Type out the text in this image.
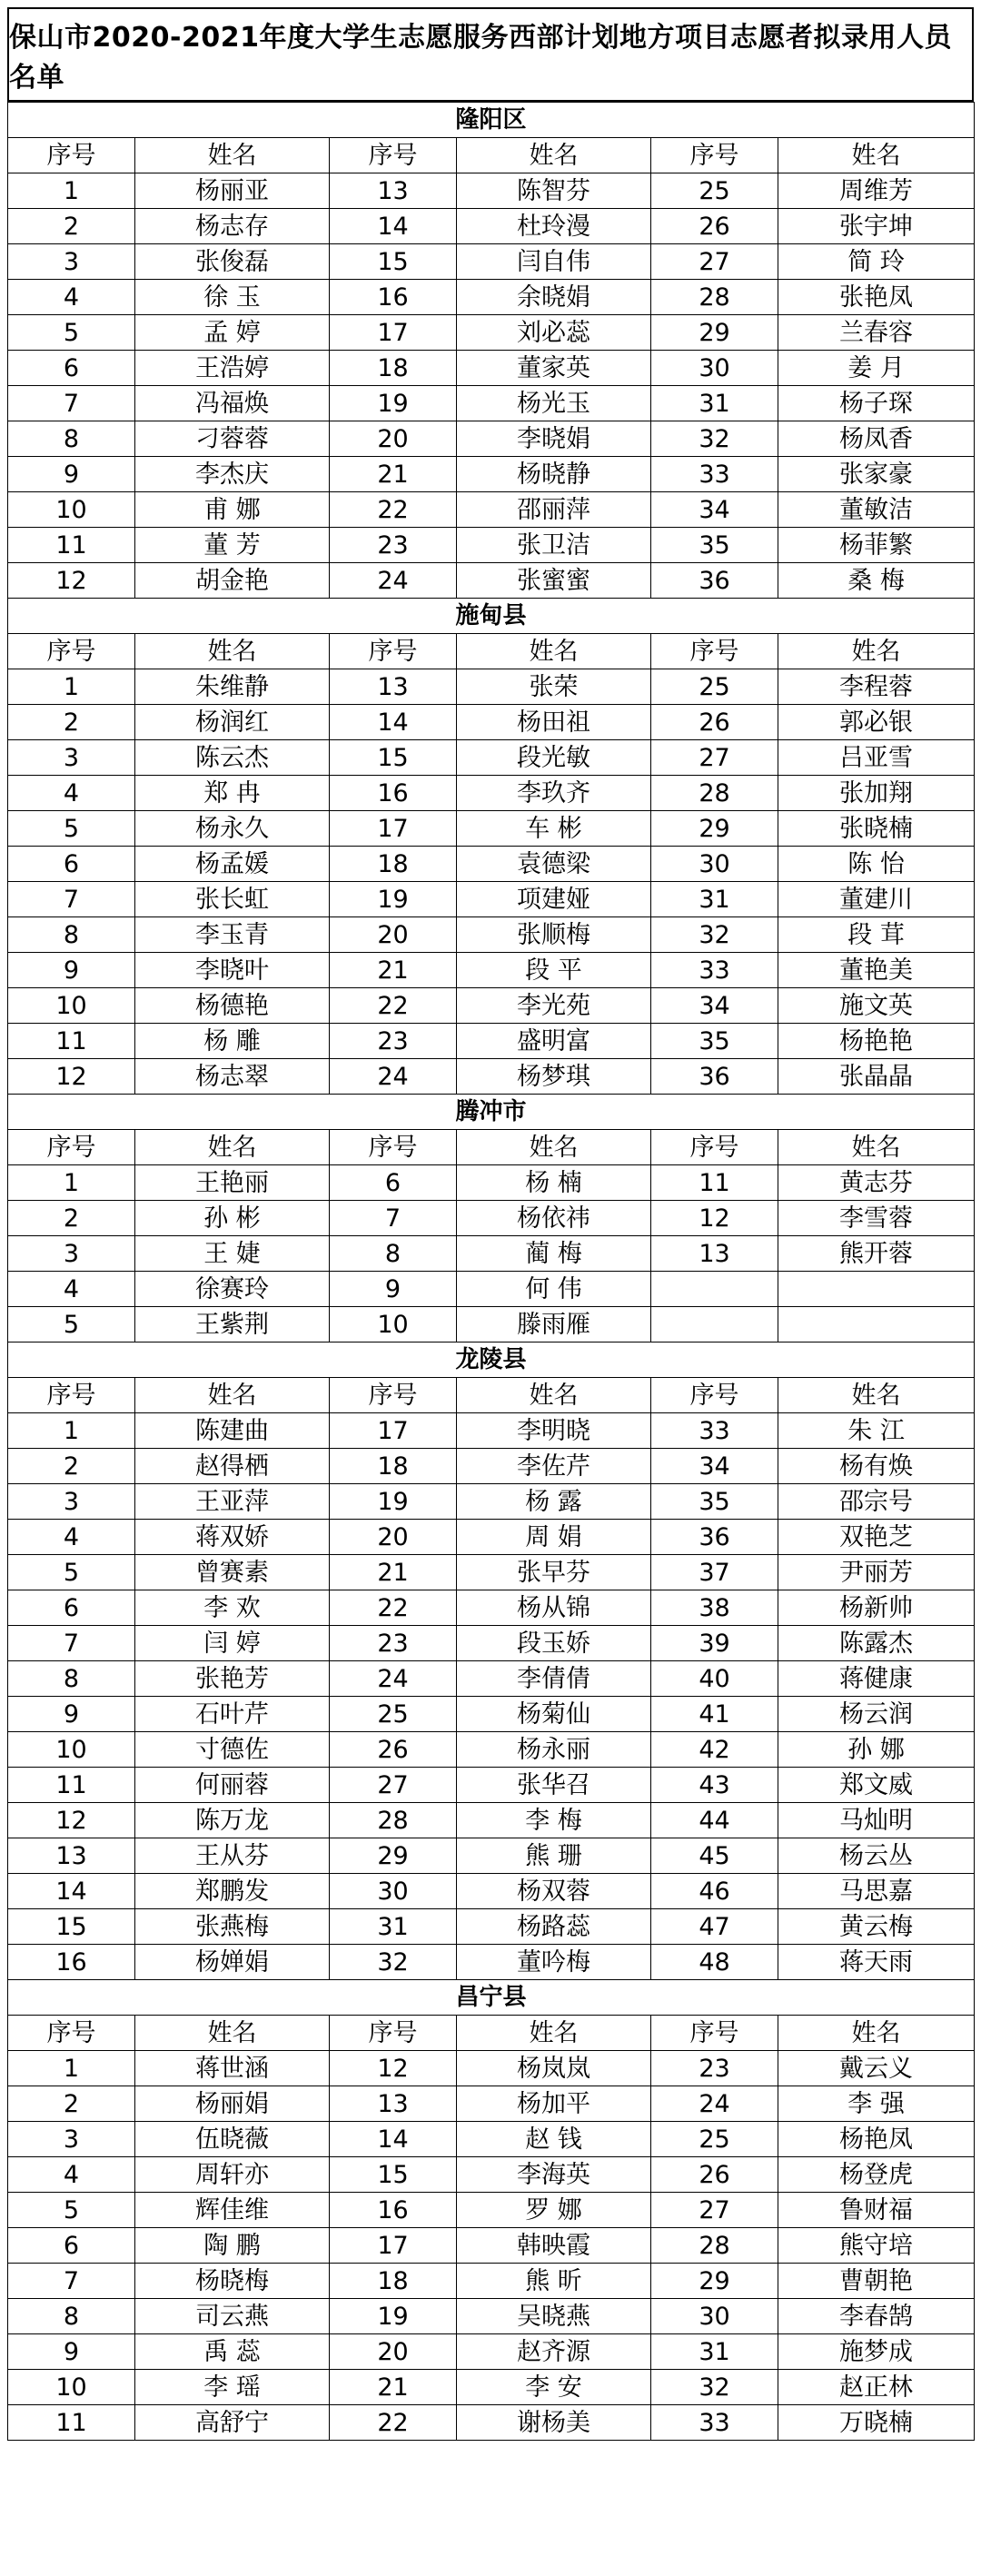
保山市2020-2021年度大学生志愿服务西部计划地方项目志愿者拟录用人员名单
隆阳区					
序号	姓名	序号	姓名	序号	姓名
1	杨丽亚	13	陈智芬	25	周维芳
2	杨志存	14	杜玲漫	26	张宇坤
3	张俊磊	15	闫自伟	27	简 玲
4	徐 玉	16	余晓娟	28	张艳凤
5	孟 婷	17	刘必蕊	29	兰春容
6	王浩婷	18	董家英	30	姜 月
7	冯福焕	19	杨光玉	31	杨子琛
8	刁蓉蓉	20	李晓娟	32	杨凤香
9	李杰庆	21	杨晓静	33	张家豪
10	甫 娜	22	邵丽萍	34	董敏洁
11	董 芳	23	张卫洁	35	杨菲繁
12	胡金艳	24	张蜜蜜	36	桑 梅
施甸县					
序号	姓名	序号	姓名	序号	姓名
1	朱维静	13	张荣	25	李程蓉
2	杨润红	14	杨田祖	26	郭必银
3	陈云杰	15	段光敏	27	吕亚雪
4	郑 冉	16	李玖齐	28	张加翔
5	杨永久	17	车 彬	29	张晓楠
6	杨孟媛	18	袁德梁	30	陈 怡
7	张长虹	19	项建娅	31	董建川
8	李玉青	20	张顺梅	32	段 茸
9	李晓叶	21	段 平	33	董艳美
10	杨德艳	22	李光苑	34	施文英
11	杨 雕	23	盛明富	35	杨艳艳
12	杨志翠	24	杨梦琪	36	张晶晶
腾冲市					
序号	姓名	序号	姓名	序号	姓名
1	王艳丽	6	杨 楠	11	黄志芬
2	孙 彬	7	杨依祎	12	李雪蓉
3	王 婕	8	蔺 梅	13	熊开蓉
4	徐赛玲	9	何 伟		
5	王紫荆	10	滕雨雁		
龙陵县					
序号	姓名	序号	姓名	序号	姓名
1	陈建曲	17	李明晓	33	朱 江
2	赵得栖	18	李佐芹	34	杨有焕
3	王亚萍	19	杨 露	35	邵宗号
4	蒋双娇	20	周 娟	36	双艳芝
5	曾赛素	21	张早芬	37	尹丽芳
6	李 欢	22	杨从锦	38	杨新帅
7	闫 婷	23	段玉娇	39	陈露杰
8	张艳芳	24	李倩倩	40	蒋健康
9	石叶芹	25	杨菊仙	41	杨云润
10	寸德佐	26	杨永丽	42	孙 娜
11	何丽蓉	27	张华召	43	郑文威
12	陈万龙	28	李 梅	44	马灿明
13	王从芬	29	熊 珊	45	杨云丛
14	郑鹏发	30	杨双蓉	46	马思嘉
15	张燕梅	31	杨路蕊	47	黄云梅
16	杨婵娟	32	董吟梅	48	蒋天雨
昌宁县					
序号	姓名	序号	姓名	序号	姓名
1	蒋世涵	12	杨岚岚	23	戴云义
2	杨丽娟	13	杨加平	24	李 强
3	伍晓薇	14	赵 钱	25	杨艳凤
4	周轩亦	15	李海英	26	杨登虎
5	辉佳维	16	罗 娜	27	鲁财福
6	陶 鹏	17	韩映霞	28	熊守培
7	杨晓梅	18	熊 昕	29	曹朝艳
8	司云燕	19	吴晓燕	30	李春鹄
9	禹 蕊	20	赵齐源	31	施梦成
10	李 瑶	21	李 安	32	赵正林
11	高舒宁	22	谢杨美	33	万晓楠
